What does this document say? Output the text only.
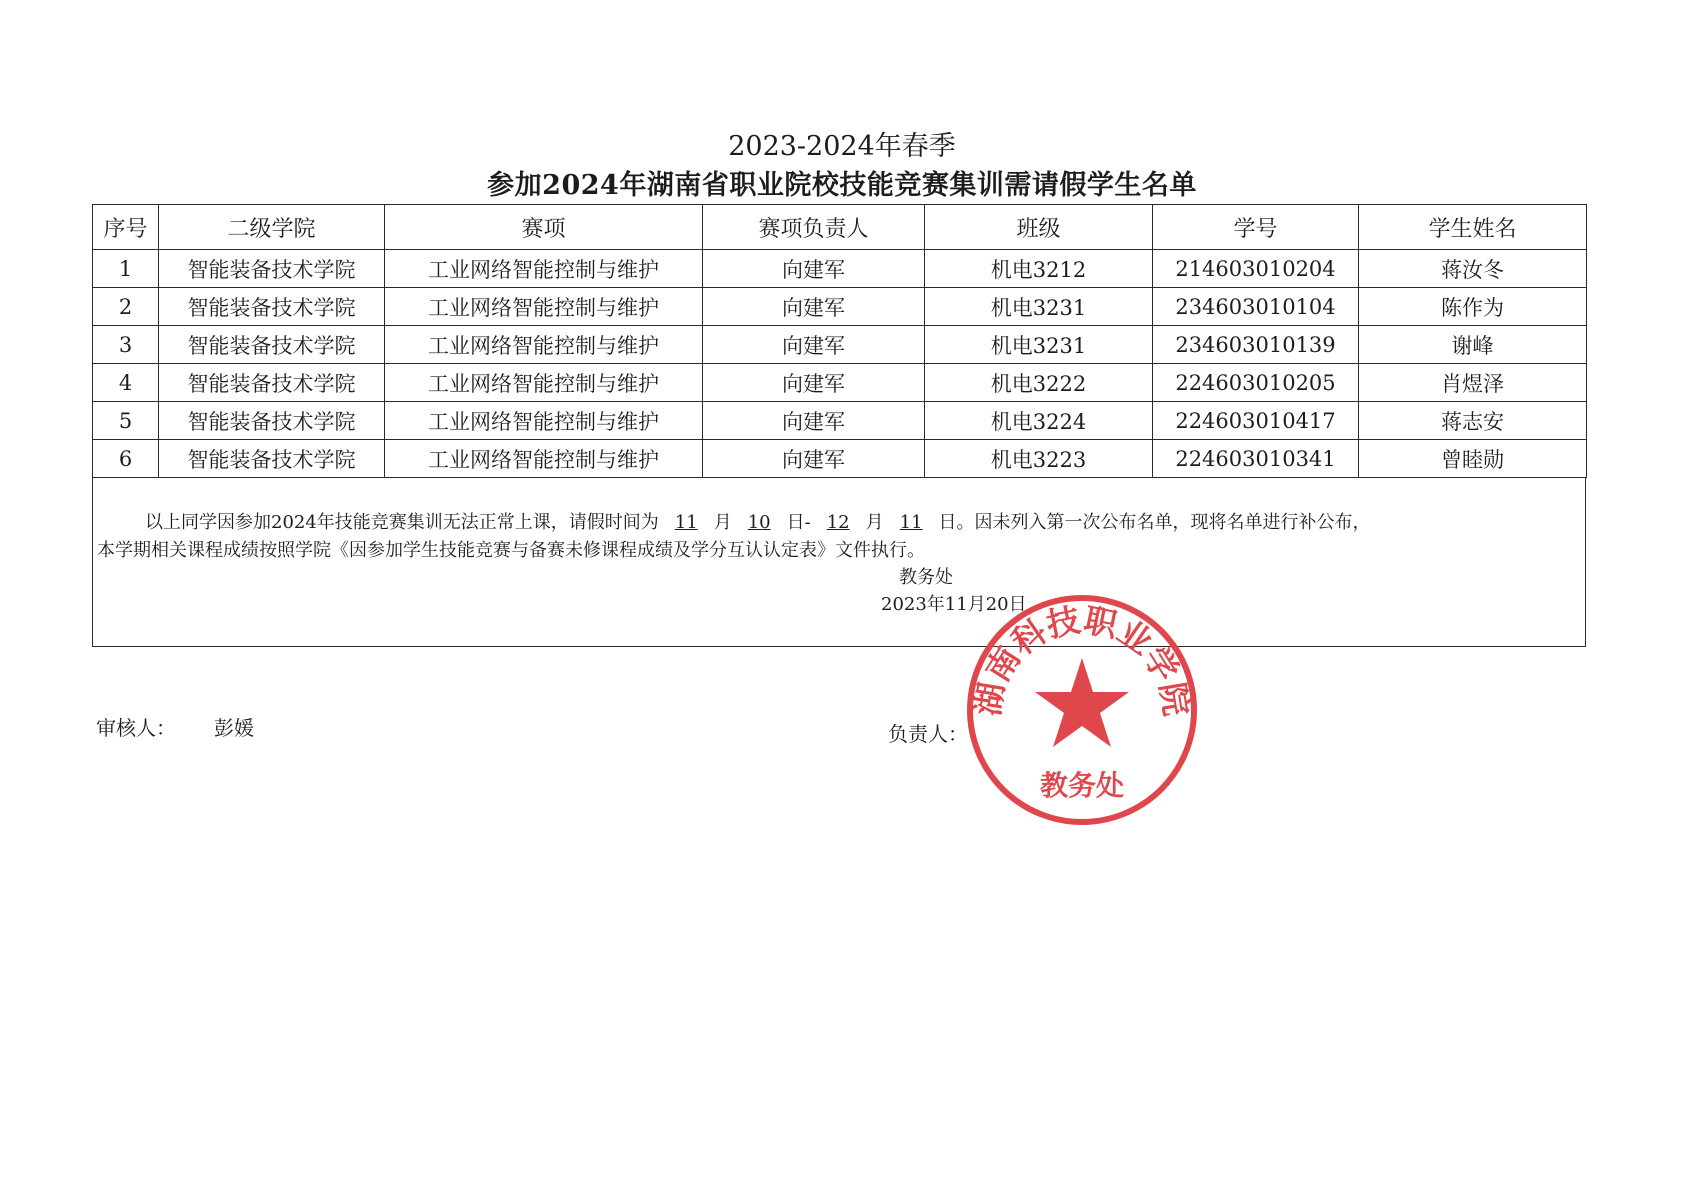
2023-2024年春季
参加2024年湖南省职业院校技能竞赛集训需请假学生名单
序号	二级学院	赛项	赛项负责人	班级	学号	学生姓名
1	智能装备技术学院	工业网络智能控制与维护	向建军	机电3212	214603010204	蒋汝冬
2	智能装备技术学院	工业网络智能控制与维护	向建军	机电3231	234603010104	陈作为
3	智能装备技术学院	工业网络智能控制与维护	向建军	机电3231	234603010139	谢峰
4	智能装备技术学院	工业网络智能控制与维护	向建军	机电3222	224603010205	肖煜泽
5	智能装备技术学院	工业网络智能控制与维护	向建军	机电3224	224603010417	蒋志安
6	智能装备技术学院	工业网络智能控制与维护	向建军	机电3223	224603010341	曾睦勋
以上同学因参加2024年技能竞赛集训无法正常上课，请假时间为 11 月 10 日- 12 月 11 日。因未列入第一次公布名单，现将名单进行补公布，
本学期相关课程成绩按照学院《因参加学生技能竞赛与备赛未修课程成绩及学分互认认定表》文件执行。
教务处
2023年11月20日
审核人： 彭媛	负责人：
湖南科技职业学院
教务处
